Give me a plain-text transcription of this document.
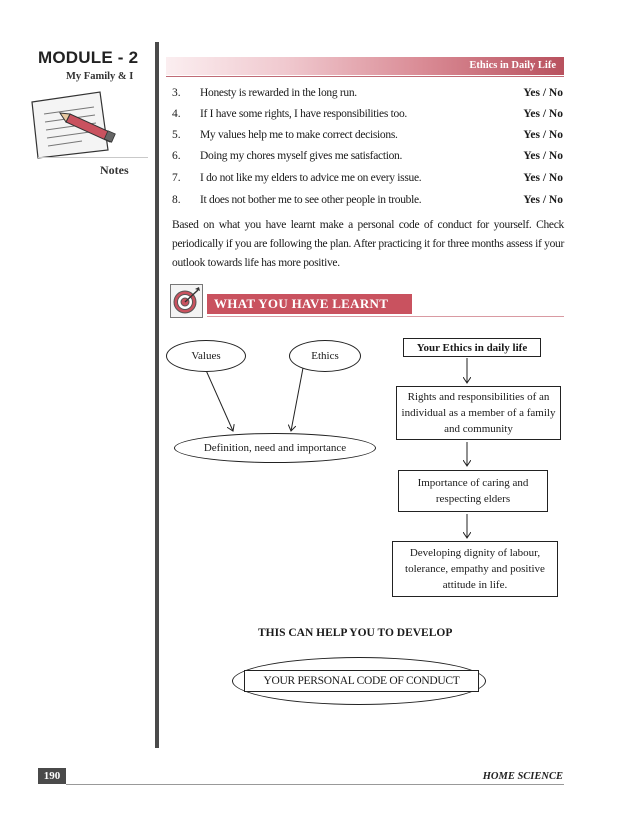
MODULE - 2
My Family & I
Notes
Ethics in Daily Life
3. Honesty is rewarded in the long run.	Yes / No
4. If I have some rights, I have responsibilities too.	Yes / No
5. My values help me to make correct decisions.	Yes / No
6. Doing my chores myself gives me satisfaction.	Yes / No
7. I do not like my elders to advice me on every issue.	Yes / No
8. It does not bother me to see other people in trouble.	Yes / No
Based on what you have learnt make a personal code of conduct for yourself. Check periodically if you are following the plan. After practicing it for three months assess if your outlook towards life has more positive.
WHAT YOU HAVE LEARNT
Values	Ethics
Definition, need and importance
Your Ethics in daily life
Rights and responsibilities of an individual as a member of a family and community
Importance of caring and respecting elders
Developing dignity of labour, tolerance, empathy and positive attitude in life.
THIS CAN HELP YOU TO DEVELOP
YOUR PERSONAL CODE OF CONDUCT
190	HOME SCIENCE
